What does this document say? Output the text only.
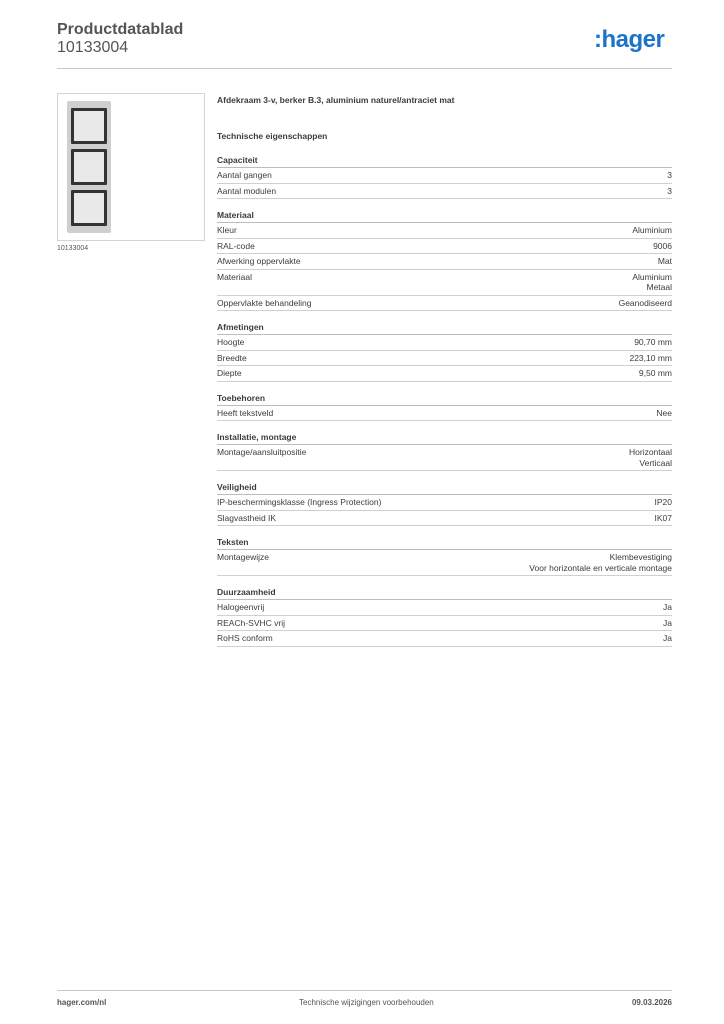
Productdatablad
10133004	:hager
10133004
Afdekraam 3-v, berker B.3, aluminium naturel/antraciet mat
Technische eigenschappen
Capaciteit
Aantal gangen	3
Aantal modulen	3
Materiaal
Kleur	Aluminium
RAL-code	9006
Afwerking oppervlakte	Mat
Materiaal	Aluminium
Metaal
Oppervlakte behandeling	Geanodiseerd
Afmetingen
Hoogte	90,70 mm
Breedte	223,10 mm
Diepte	9,50 mm
Toebehoren
Heeft tekstveld	Nee
Installatie, montage
Montage/aansluitpositie	Horizontaal
Verticaal
Veiligheid
IP-beschermingsklasse (Ingress Protection)	IP20
Slagvastheid IK	IK07
Teksten
Montagewijze	Klembevestiging
Voor horizontale en verticale montage
Duurzaamheid
Halogeenvrij	Ja
REACh-SVHC vrij	Ja
RoHS conform	Ja
hager.com/nl	Technische wijzigingen voorbehouden	09.03.2026
